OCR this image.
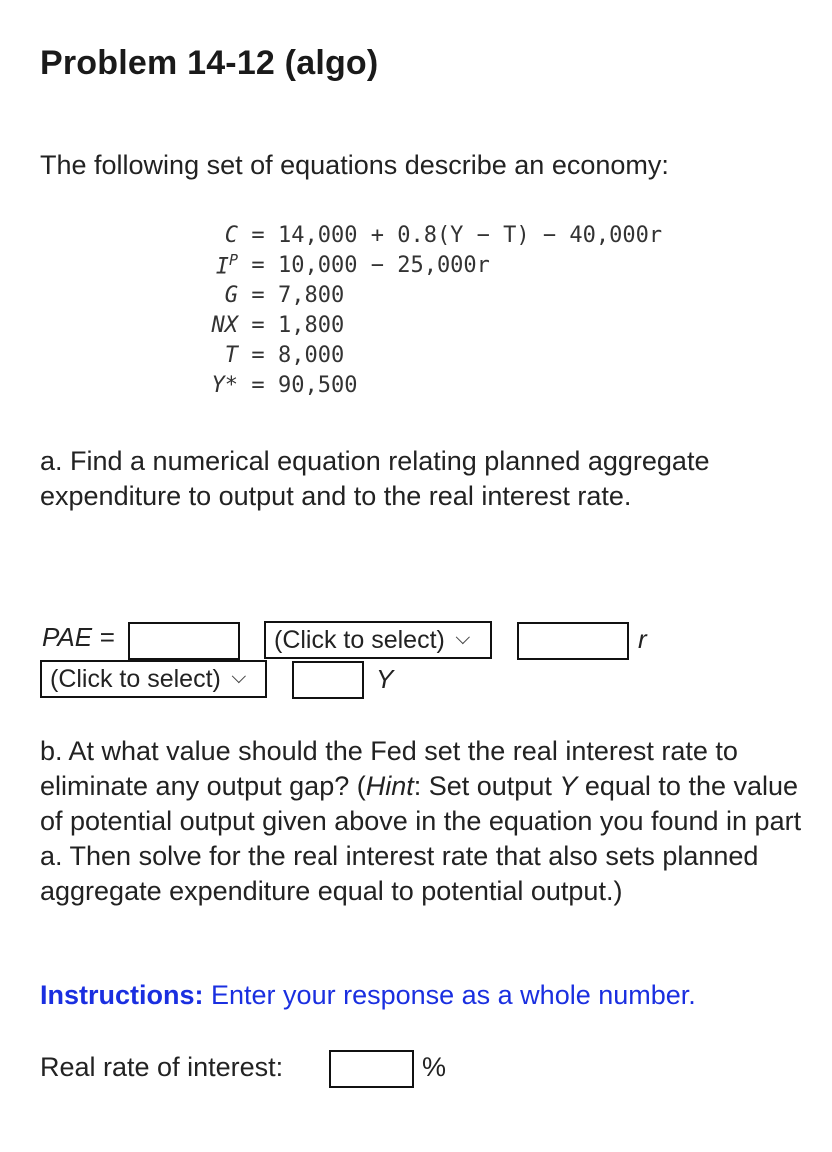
Problem 14-12 (algo)

The following set of equations describe an economy:

C = 14,000 + 0.8(Y − T) − 40,000r
$I^P = 10,000 - 25,000r$
G = 7,800
NX = 1,800
T = 8,000
Y* = 90,500

a. Find a numerical equation relating planned aggregate expenditure to output and to the real interest rate.

PAE =	(Click to select)	r
(Click to select)	Y

b. At what value should the Fed set the real interest rate to eliminate any output gap? (Hint: Set output Y equal to the value of potential output given above in the equation you found in part a. Then solve for the real interest rate that also sets planned aggregate expenditure equal to potential output.)

Instructions: Enter your response as a whole number.
Real rate of interest:	%
